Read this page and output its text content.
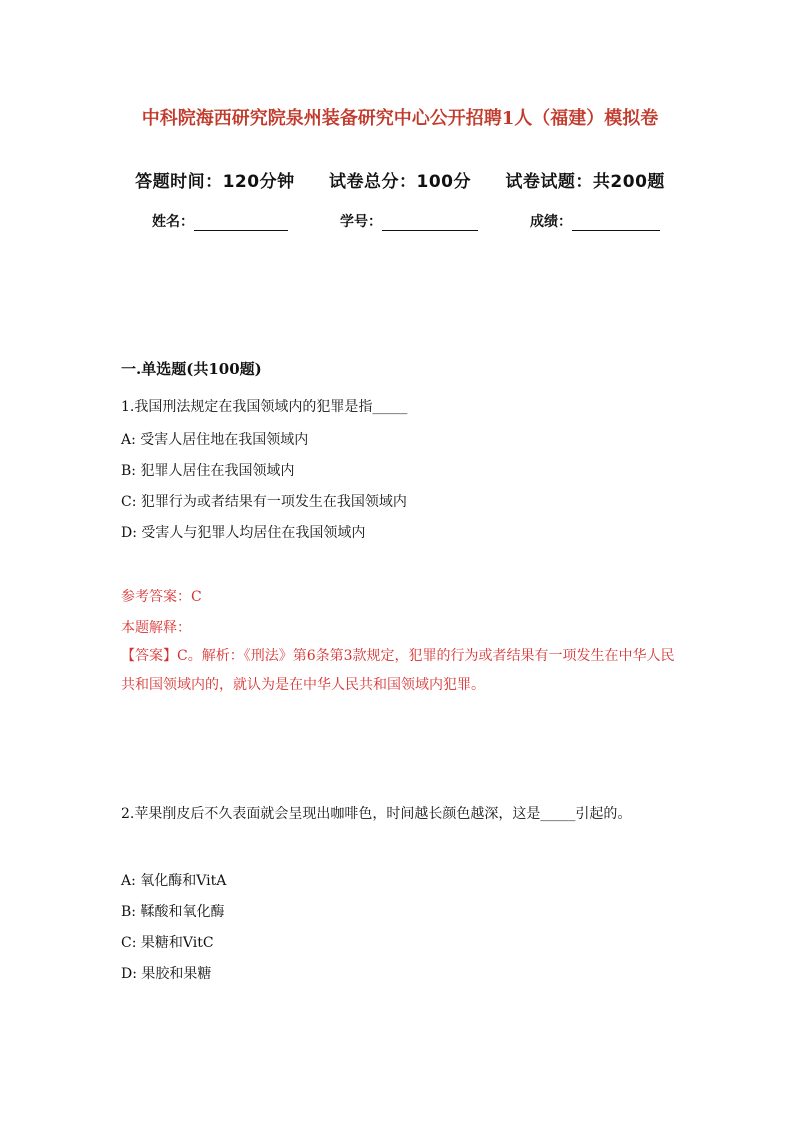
中科院海西研究院泉州装备研究中心公开招聘1人（福建）模拟卷
答题时间：120分钟 试卷总分：100分 试卷试题：共200题
姓名：	学号：	成绩：
一.单选题(共100题)
1.我国刑法规定在我国领域内的犯罪是指_____
A: 受害人居住地在我国领域内
B: 犯罪人居住在我国领域内
C: 犯罪行为或者结果有一项发生在我国领域内
D: 受害人与犯罪人均居住在我国领域内
参考答案：C
本题解释：
【答案】C。解析：《刑法》第6条第3款规定，犯罪的行为或者结果有一项发生在中华人民共和国领域内的，就认为是在中华人民共和国领域内犯罪。
2.苹果削皮后不久表面就会呈现出咖啡色，时间越长颜色越深，这是_____引起的。
A: 氧化酶和VitA
B: 鞣酸和氧化酶
C: 果糖和VitC
D: 果胶和果糖
